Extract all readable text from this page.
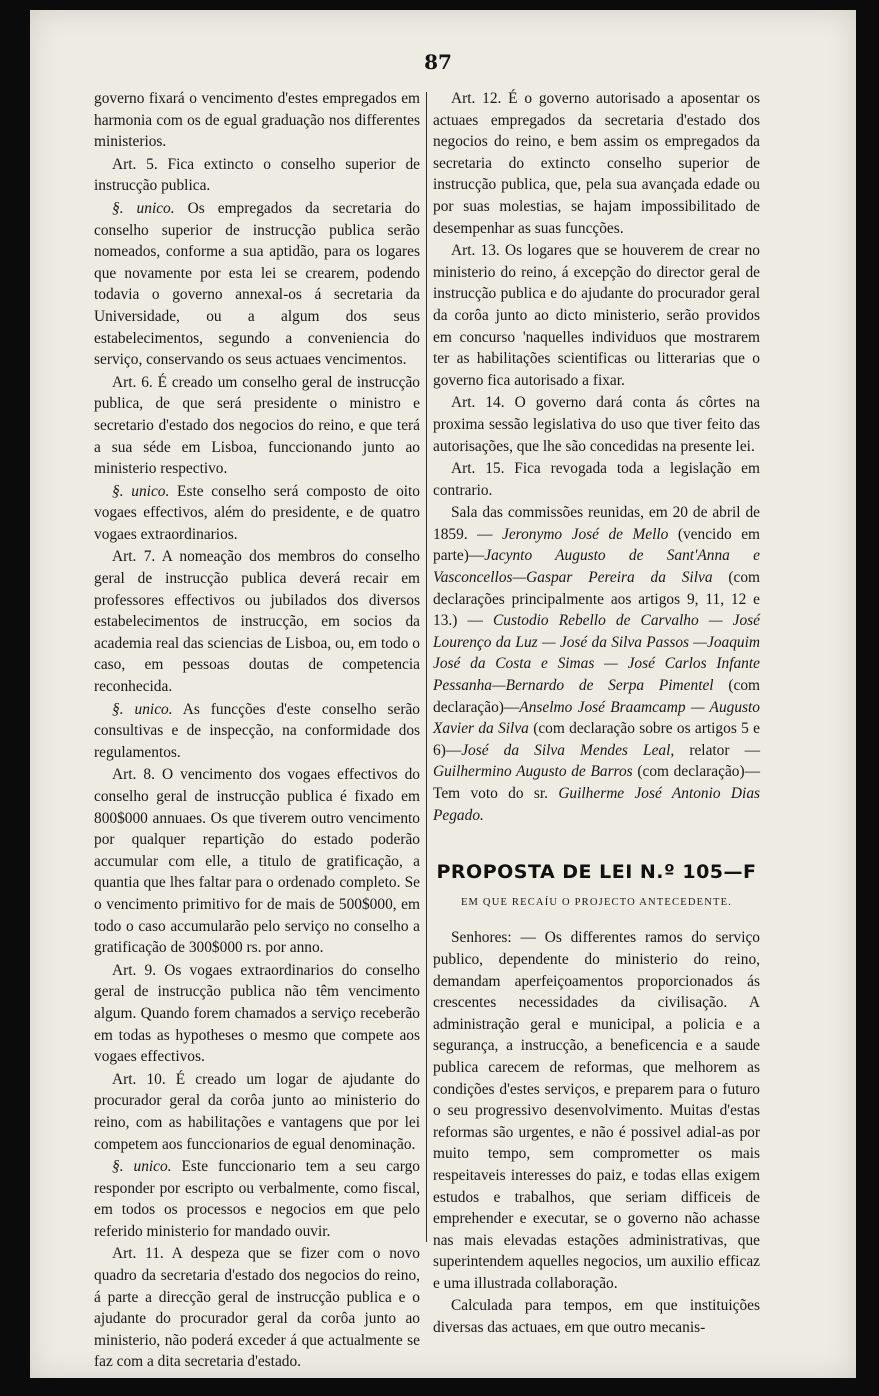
87

governo fixará o vencimento d'estes empregados em harmonia com os de egual graduação nos differentes ministerios.

Art. 5. Fica extincto o conselho superior de instrucção publica.

§. unico. Os empregados da secretaria do conselho superior de instrucção publica serão nomeados, conforme a sua aptidão, para os logares que novamente por esta lei se crearem, podendo todavia o governo annexal-os á secretaria da Universidade, ou a algum dos seus estabelecimentos, segundo a conveniencia do serviço, conservando os seus actuaes vencimentos.

Art. 6. É creado um conselho geral de instrucção publica, de que será presidente o ministro e secretario d'estado dos negocios do reino, e que terá a sua séde em Lisboa, funccionando junto ao ministerio respectivo.

§. unico. Este conselho será composto de oito vogaes effectivos, além do presidente, e de quatro vogaes extraordinarios.

Art. 7. A nomeação dos membros do conselho geral de instrucção publica deverá recair em professores effectivos ou jubilados dos diversos estabelecimentos de instrucção, em socios da academia real das sciencias de Lisboa, ou, em todo o caso, em pessoas doutas de competencia reconhecida.

§. unico. As funcções d'este conselho serão consultivas e de inspecção, na conformidade dos regulamentos.

Art. 8. O vencimento dos vogaes effectivos do conselho geral de instrucção publica é fixado em 800$000 annuaes. Os que tiverem outro vencimento por qualquer repartição do estado poderão accumular com elle, a titulo de gratificação, a quantia que lhes faltar para o ordenado completo. Se o vencimento primitivo for de mais de 500$000, em todo o caso accumularão pelo serviço no conselho a gratificação de 300$000 rs. por anno.

Art. 9. Os vogaes extraordinarios do conselho geral de instrucção publica não têm vencimento algum. Quando forem chamados a serviço receberão em todas as hypotheses o mesmo que compete aos vogaes effectivos.

Art. 10. É creado um logar de ajudante do procurador geral da corôa junto ao ministerio do reino, com as habilitações e vantagens que por lei competem aos funccionarios de egual denominação.

§. unico. Este funccionario tem a seu cargo responder por escripto ou verbalmente, como fiscal, em todos os processos e negocios em que pelo referido ministerio for mandado ouvir.

Art. 11. A despeza que se fizer com o novo quadro da secretaria d'estado dos negocios do reino, á parte a direcção geral de instrucção publica e o ajudante do procurador geral da corôa junto ao ministerio, não poderá exceder á que actualmente se faz com a dita secretaria d'estado.

Art. 12. É o governo autorisado a aposentar os actuaes empregados da secretaria d'estado dos negocios do reino, e bem assim os empregados da secretaria do extincto conselho superior de instrucção publica, que, pela sua avançada edade ou por suas molestias, se hajam impossibilitado de desempenhar as suas funcções.

Art. 13. Os logares que se houverem de crear no ministerio do reino, á excepção do director geral de instrucção publica e do ajudante do procurador geral da corôa junto ao dicto ministerio, serão providos em concurso 'naquelles individuos que mostrarem ter as habilitações scientificas ou litterarias que o governo fica autorisado a fixar.

Art. 14. O governo dará conta ás côrtes na proxima sessão legislativa do uso que tiver feito das autorisações, que lhe são concedidas na presente lei.

Art. 15. Fica revogada toda a legislação em contrario.

Sala das commissões reunidas, em 20 de abril de 1859. — Jeronymo José de Mello (vencido em parte)—Jacynto Augusto de Sant'Anna e Vasconcellos—Gaspar Pereira da Silva (com declarações principalmente aos artigos 9, 11, 12 e 13.) — Custodio Rebello de Carvalho — José Lourenço da Luz — José da Silva Passos —Joaquim José da Costa e Simas — José Carlos Infante Pessanha—Bernardo de Serpa Pimentel (com declaração)—Anselmo José Braamcamp — Augusto Xavier da Silva (com declaração sobre os artigos 5 e 6)—José da Silva Mendes Leal, relator — Guilhermino Augusto de Barros (com declaração)—Tem voto do sr. Guilherme José Antonio Dias Pegado.

PROPOSTA DE LEI N.º 105—F

EM QUE RECAÍU O PROJECTO ANTECEDENTE.

Senhores: — Os differentes ramos do serviço publico, dependente do ministerio do reino, demandam aperfeiçoamentos proporcionados ás crescentes necessidades da civilisação. A administração geral e municipal, a policia e a segurança, a instrucção, a beneficencia e a saude publica carecem de reformas, que melhorem as condições d'estes serviços, e preparem para o futuro o seu progressivo desenvolvimento. Muitas d'estas reformas são urgentes, e não é possivel adial-as por muito tempo, sem comprometter os mais respeitaveis interesses do paiz, e todas ellas exigem estudos e trabalhos, que seriam difficeis de emprehender e executar, se o governo não achasse nas mais elevadas estações administrativas, que superintendem aquelles negocios, um auxilio efficaz e uma illustrada collaboração.

Calculada para tempos, em que instituições diversas das actuaes, em que outro mecanis-
